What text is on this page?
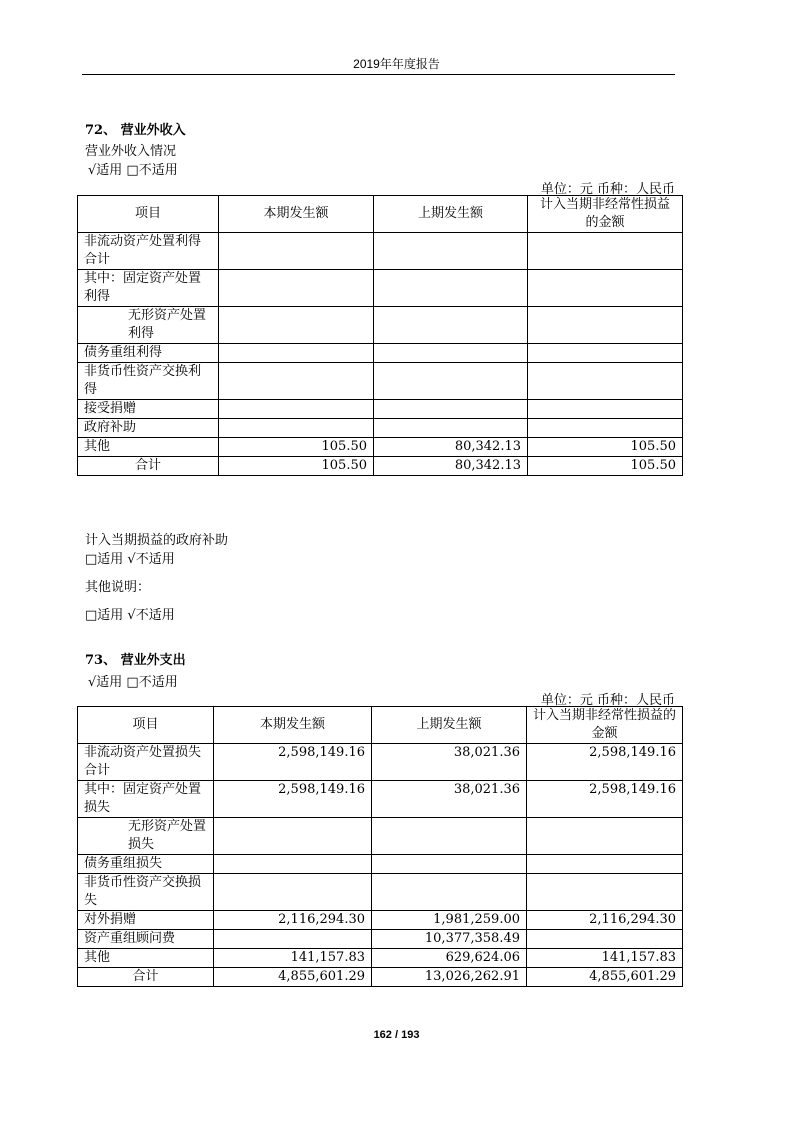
2019年年度报告
72、 营业外收入
营业外收入情况
√适用 □不适用
单位：元 币种：人民币
项目	本期发生额	上期发生额	计入当期非经常性损益的金额
非流动资产处置利得合计			
其中：固定资产处置利得			
无形资产处置利得			
债务重组利得			
非货币性资产交换利得			
接受捐赠			
政府补助			
其他	105.50	80,342.13	105.50
合计	105.50	80,342.13	105.50
计入当期损益的政府补助
□适用 √不适用
其他说明：
□适用 √不适用
73、 营业外支出
√适用 □不适用
单位：元 币种：人民币
项目	本期发生额	上期发生额	计入当期非经常性损益的金额
非流动资产处置损失合计	2,598,149.16	38,021.36	2,598,149.16
其中：固定资产处置损失	2,598,149.16	38,021.36	2,598,149.16
无形资产处置损失			
债务重组损失			
非货币性资产交换损失			
对外捐赠	2,116,294.30	1,981,259.00	2,116,294.30
资产重组顾问费		10,377,358.49	
其他	141,157.83	629,624.06	141,157.83
合计	4,855,601.29	13,026,262.91	4,855,601.29
162 / 193
